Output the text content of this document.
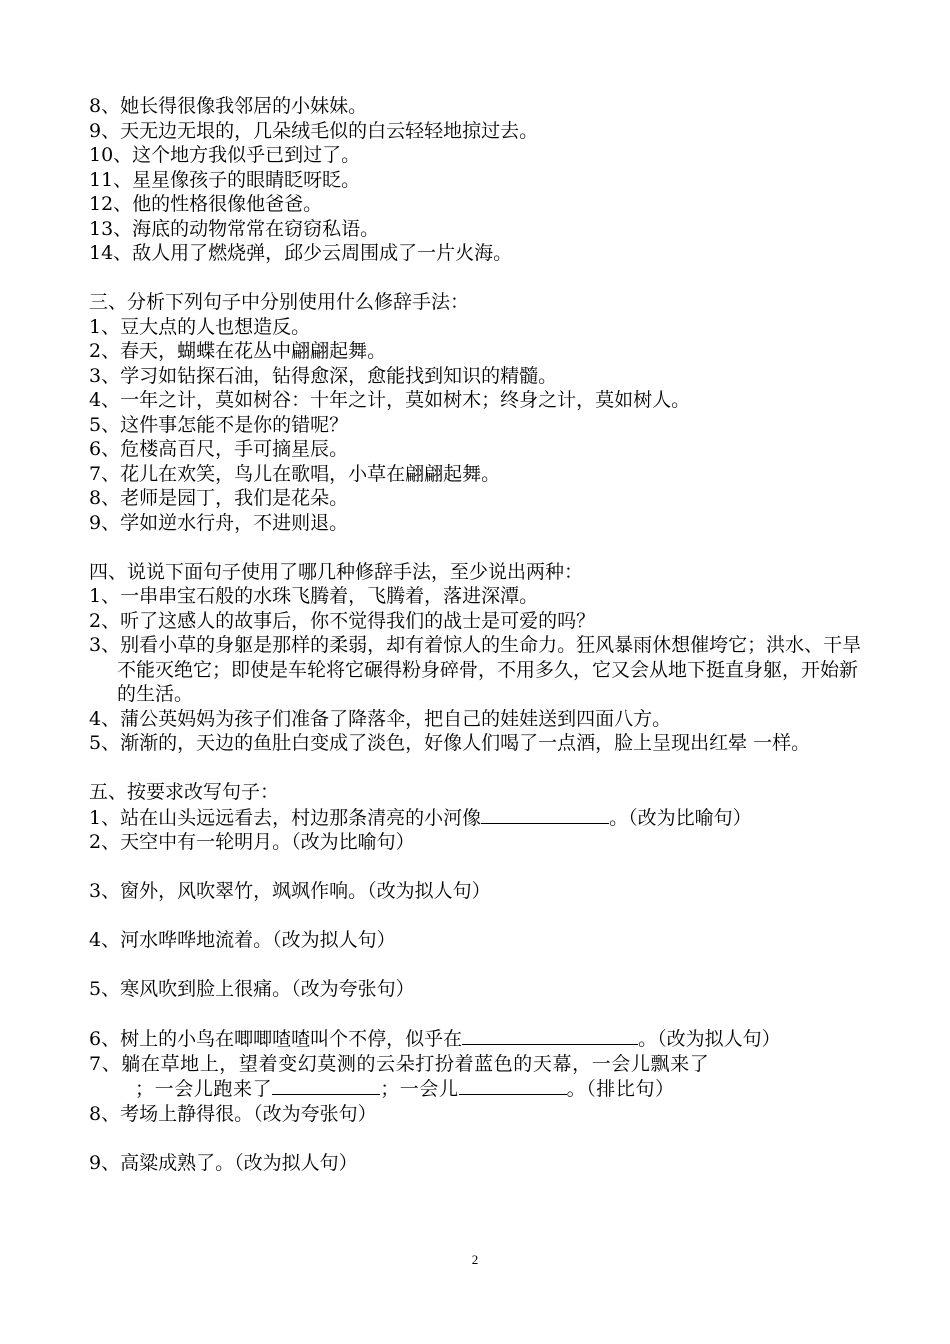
8、她长得很像我邻居的小妹妹。
9、天无边无垠的，几朵绒毛似的白云轻轻地掠过去。
10、这个地方我似乎已到过了。
11、星星像孩子的眼睛眨呀眨。
12、他的性格很像他爸爸。
13、海底的动物常常在窃窃私语。
14、敌人用了燃烧弹，邱少云周围成了一片火海。
三、分析下列句子中分别使用什么修辞手法：
1、豆大点的人也想造反。
2、春天，蝴蝶在花丛中翩翩起舞。
3、学习如钻探石油，钻得愈深，愈能找到知识的精髓。
4、一年之计，莫如树谷：十年之计，莫如树木；终身之计，莫如树人。
5、这件事怎能不是你的错呢？
6、危楼高百尺，手可摘星辰。
7、花儿在欢笑，鸟儿在歌唱，小草在翩翩起舞。
8、老师是园丁，我们是花朵。
9、学如逆水行舟，不进则退。
四、说说下面句子使用了哪几种修辞手法，至少说出两种：
1、一串串宝石般的水珠飞腾着，飞腾着，落进深潭。
2、听了这感人的故事后，你不觉得我们的战士是可爱的吗？
3、别看小草的身躯是那样的柔弱，却有着惊人的生命力。狂风暴雨休想催垮它；洪水、干旱不能灭绝它；即使是车轮将它碾得粉身碎骨，不用多久，它又会从地下挺直身躯，开始新的生活。
4、蒲公英妈妈为孩子们准备了降落伞，把自己的娃娃送到四面八方。
5、渐渐的，天边的鱼肚白变成了淡色，好像人们喝了一点酒，脸上呈现出红晕 一样。
五、按要求改写句子：
1、站在山头远远看去，村边那条清亮的小河像	。（改为比喻句）
2、天空中有一轮明月。（改为比喻句）
3、窗外，风吹翠竹，飒飒作响。（改为拟人句）
4、河水哗哗地流着。（改为拟人句）
5、寒风吹到脸上很痛。（改为夸张句）
6、树上的小鸟在唧唧喳喳叫个不停，似乎在	。（改为拟人句）
7、躺在草地上，望着变幻莫测的云朵打扮着蓝色的天幕，一会儿飘来了
；一会儿跑来了	；一会儿	。（排比句）
8、考场上静得很。（改为夸张句）
9、高粱成熟了。（改为拟人句）
2
